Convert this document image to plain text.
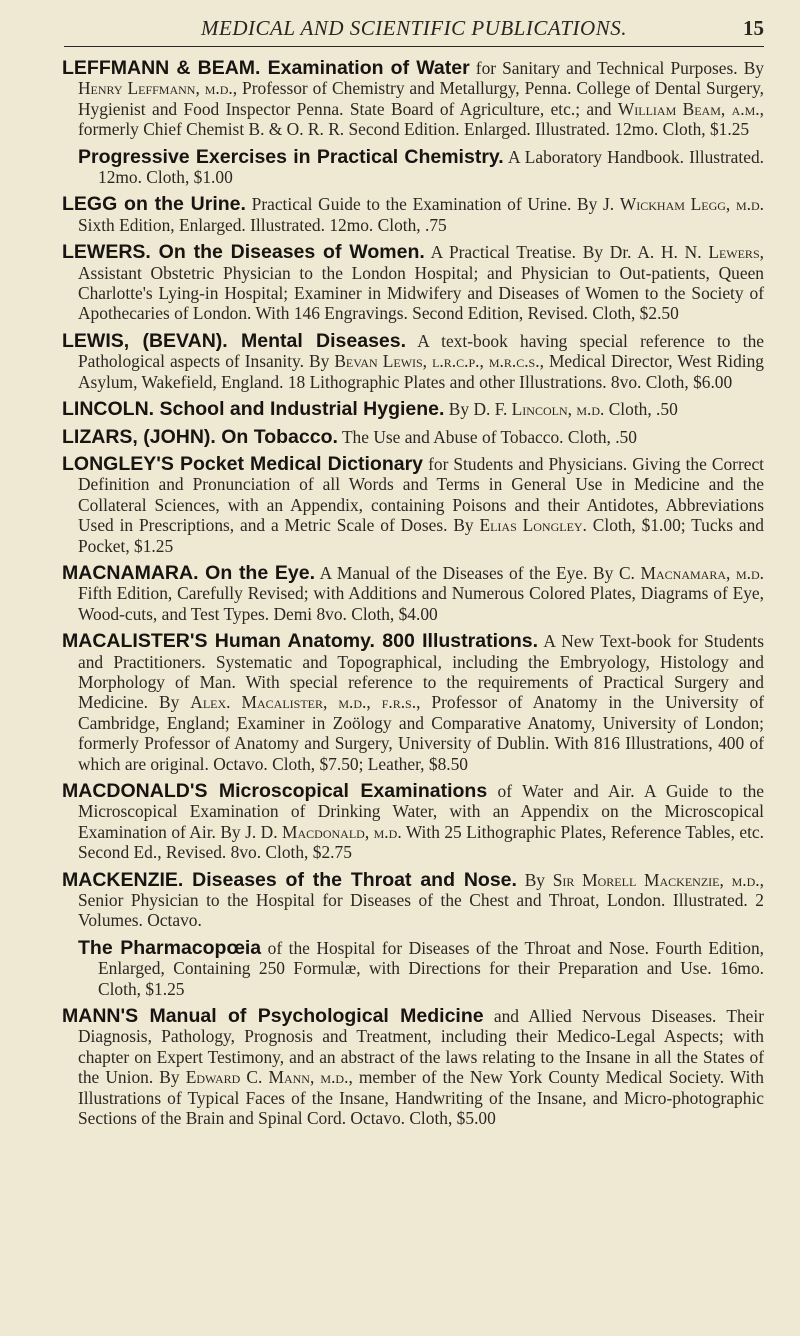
MEDICAL AND SCIENTIFIC PUBLICATIONS.	15

LEFFMANN & BEAM. Examination of Water for Sanitary and Technical Purposes. By Henry Leffmann, m.d., Professor of Chemistry and Metallurgy, Penna. College of Dental Surgery, Hygienist and Food Inspector Penna. State Board of Agriculture, etc.; and William Beam, a.m., formerly Chief Chemist B. & O. R. R. Second Edition. Enlarged. Illustrated. 12mo. Cloth, $1.25

Progressive Exercises in Practical Chemistry. A Laboratory Handbook. Illustrated. 12mo. Cloth, $1.00

LEGG on the Urine. Practical Guide to the Examination of Urine. By J. Wickham Legg, m.d. Sixth Edition, Enlarged. Illustrated. 12mo. Cloth, .75

LEWERS. On the Diseases of Women. A Practical Treatise. By Dr. A. H. N. Lewers, Assistant Obstetric Physician to the London Hospital; and Physician to Out-patients, Queen Charlotte's Lying-in Hospital; Examiner in Midwifery and Diseases of Women to the Society of Apothecaries of London. With 146 Engravings. Second Edition, Revised. Cloth, $2.50

LEWIS, (BEVAN). Mental Diseases. A text-book having special reference to the Pathological aspects of Insanity. By Bevan Lewis, l.r.c.p., m.r.c.s., Medical Director, West Riding Asylum, Wakefield, England. 18 Lithographic Plates and other Illustrations. 8vo. Cloth, $6.00

LINCOLN. School and Industrial Hygiene. By D. F. Lincoln, m.d. Cloth, .50

LIZARS, (JOHN). On Tobacco. The Use and Abuse of Tobacco. Cloth, .50

LONGLEY'S Pocket Medical Dictionary for Students and Physicians. Giving the Correct Definition and Pronunciation of all Words and Terms in General Use in Medicine and the Collateral Sciences, with an Appendix, containing Poisons and their Antidotes, Abbreviations Used in Prescriptions, and a Metric Scale of Doses. By Elias Longley. Cloth, $1.00; Tucks and Pocket, $1.25

MACNAMARA. On the Eye. A Manual of the Diseases of the Eye. By C. Macnamara, m.d. Fifth Edition, Carefully Revised; with Additions and Numerous Colored Plates, Diagrams of Eye, Wood-cuts, and Test Types. Demi 8vo. Cloth, $4.00

MACALISTER'S Human Anatomy. 800 Illustrations. A New Text-book for Students and Practitioners. Systematic and Topographical, including the Embryology, Histology and Morphology of Man. With special reference to the requirements of Practical Surgery and Medicine. By Alex. Macalister, m.d., f.r.s., Professor of Anatomy in the University of Cambridge, England; Examiner in Zoölogy and Comparative Anatomy, University of London; formerly Professor of Anatomy and Surgery, University of Dublin. With 816 Illustrations, 400 of which are original. Octavo. Cloth, $7.50; Leather, $8.50

MACDONALD'S Microscopical Examinations of Water and Air. A Guide to the Microscopical Examination of Drinking Water, with an Appendix on the Microscopical Examination of Air. By J. D. Macdonald, m.d. With 25 Lithographic Plates, Reference Tables, etc. Second Ed., Revised. 8vo. Cloth, $2.75

MACKENZIE. Diseases of the Throat and Nose. By Sir Morell Mackenzie, m.d., Senior Physician to the Hospital for Diseases of the Chest and Throat, London. Illustrated. 2 Volumes. Octavo.

The Pharmacopœia of the Hospital for Diseases of the Throat and Nose. Fourth Edition, Enlarged, Containing 250 Formulæ, with Directions for their Preparation and Use. 16mo. Cloth, $1.25

MANN'S Manual of Psychological Medicine and Allied Nervous Diseases. Their Diagnosis, Pathology, Prognosis and Treatment, including their Medico-Legal Aspects; with chapter on Expert Testimony, and an abstract of the laws relating to the Insane in all the States of the Union. By Edward C. Mann, m.d., member of the New York County Medical Society. With Illustrations of Typical Faces of the Insane, Handwriting of the Insane, and Micro-photographic Sections of the Brain and Spinal Cord. Octavo. Cloth, $5.00
